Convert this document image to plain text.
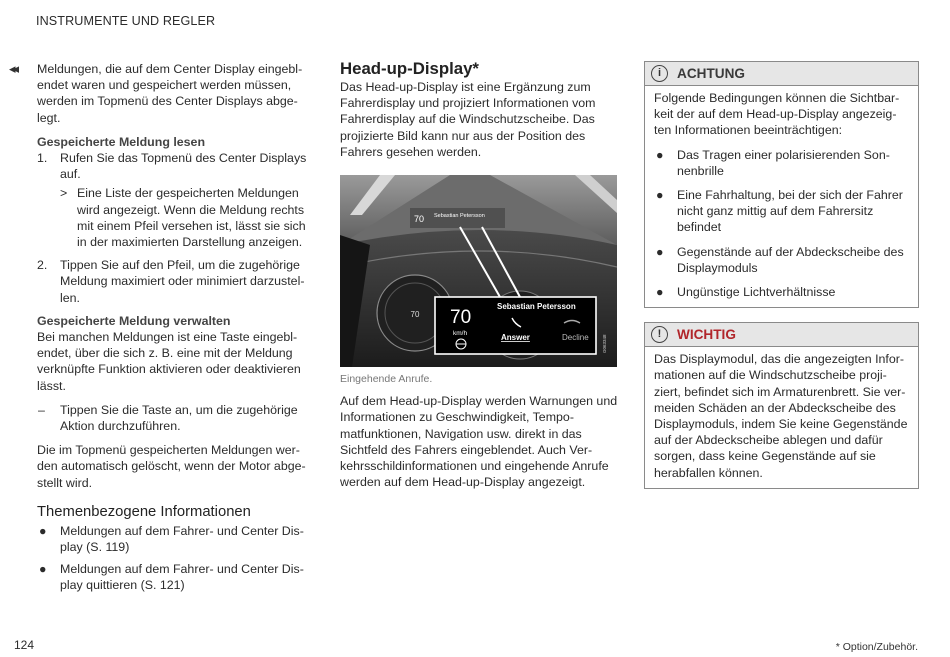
INSTRUMENTE UND REGLER
◂◂ Meldungen, die auf dem Center Display eingeblendet waren und gespeichert werden müssen, werden im Topmenü des Center Displays abgelegt.

Gespeicherte Meldung lesen

1. Rufen Sie das Topmenü des Center Displays auf.
> Eine Liste der gespeicherten Meldungen wird angezeigt. Wenn die Meldung rechts mit einem Pfeil versehen ist, lässt sie sich in der maximierten Darstellung anzeigen.
2. Tippen Sie auf den Pfeil, um die zugehörige Meldung maximiert oder minimiert darzustellen.

Gespeicherte Meldung verwalten

Bei manchen Meldungen ist eine Taste eingeblendet, über die sich z. B. eine mit der Meldung verknüpfte Funktion aktivieren oder deaktivieren lässt.

– Tippen Sie die Taste an, um die zugehörige Aktion durchzuführen.

Die im Topmenü gespeicherten Meldungen werden automatisch gelöscht, wenn der Motor abgestellt wird.

Themenbezogene Informationen

● Meldungen auf dem Fahrer- und Center Display (S. 119)
● Meldungen auf dem Fahrer- und Center Display quittieren (S. 121)

Head-up-Display*

Das Head-up-Display ist eine Ergänzung zum Fahrerdisplay und projiziert Informationen vom Fahrerdisplay auf die Windschutzscheibe. Das projizierte Bild kann nur aus der Position des Fahrers gesehen werden.

70
70 Sebastian Petersson
70
km/h
Sebastian Petersson
Answer	Decline	G063348

Eingehende Anrufe.

Auf dem Head-up-Display werden Warnungen und Informationen zu Geschwindigkeit, Tempomatfunktionen, Navigation usw. direkt in das Sichtfeld des Fahrers eingeblendet. Auch Verkehrsschildinformationen und eingehende Anrufe werden auf dem Head-up-Display angezeigt.

i	ACHTUNG

Folgende Bedingungen können die Sichtbarkeit der auf dem Head-up-Display angezeigten Informationen beeinträchtigen:

● Das Tragen einer polarisierenden Sonnenbrille
● Eine Fahrhaltung, bei der sich der Fahrer nicht ganz mittig auf dem Fahrersitz befindet
● Gegenstände auf der Abdeckscheibe des Displaymoduls
● Ungünstige Lichtverhältnisse
!	WICHTIG

Das Displaymodul, das die angezeigten Informationen auf die Windschutzscheibe projiziert, befindet sich im Armaturenbrett. Sie vermeiden Schäden an der Abdeckscheibe des Displaymoduls, indem Sie keine Gegenstände auf der Abdeckscheibe ablegen und dafür sorgen, dass keine Gegenstände auf sie herabfallen können.

124	* Option/Zubehör.
